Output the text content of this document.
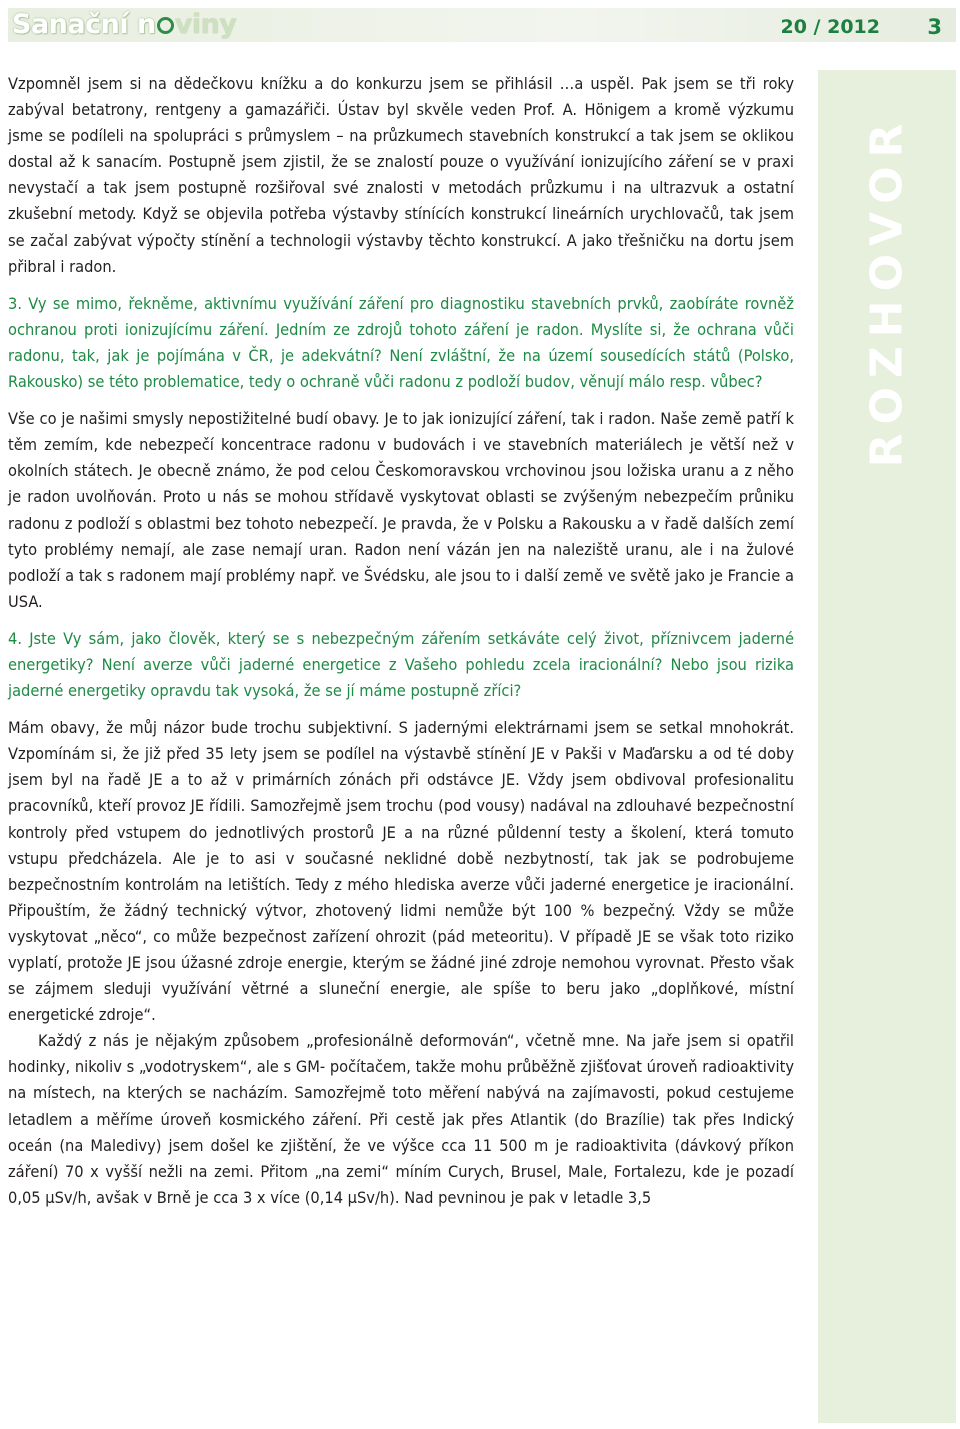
Sanační n viny	20 / 2012 3
ROZHOVOR

Vzpomněl jsem si na dědečkovu knížku a do konkurzu jsem se přihlásil …a uspěl. Pak jsem se tři roky zabýval betatrony, rentgeny a gamazářiči. Ústav byl skvěle veden Prof. A. Hönigem a kromě výzkumu jsme se podíleli na spolupráci s průmyslem – na průzkumech stavebních konstrukcí a tak jsem se oklikou dostal až k sanacím. Postupně jsem zjistil, že se znalostí pouze o využívání ionizujícího záření se v praxi nevystačí a tak jsem postupně rozšiřoval své znalosti v metodách průzkumu i na ultrazvuk a ostatní zkušební metody. Když se objevila potřeba výstavby stínících konstrukcí lineárních urychlovačů, tak jsem se začal zabývat výpočty stínění a technologii výstavby těchto konstrukcí. A jako třešničku na dortu jsem přibral i radon.

3. Vy se mimo, řekněme, aktivnímu využívání záření pro diagnostiku stavebních prvků, zaobíráte rovněž ochranou proti ionizujícímu záření. Jedním ze zdrojů tohoto záření je radon. Myslíte si, že ochrana vůči radonu, tak, jak je pojímána v ČR, je adekvátní? Není zvláštní, že na území sousedících států (Polsko, Rakousko) se této problematice, tedy o ochraně vůči radonu z podloží budov, věnují málo resp. vůbec?

Vše co je našimi smysly nepostižitelné budí obavy. Je to jak ionizující záření, tak i radon. Naše země patří k těm zemím, kde nebezpečí koncentrace radonu v budovách i ve stavebních materiálech je větší než v okolních státech. Je obecně známo, že pod celou Českomoravskou vrchovinou jsou ložiska uranu a z něho je radon uvolňován. Proto u nás se mohou střídavě vyskytovat oblasti se zvýšeným nebezpečím průniku radonu z podloží s oblastmi bez tohoto nebezpečí. Je pravda, že v Polsku a Rakousku a v řadě dalších zemí tyto problémy nemají, ale zase nemají uran. Radon není vázán jen na naleziště uranu, ale i na žulové podloží a tak s radonem mají problémy např. ve Švédsku, ale jsou to i další země ve světě jako je Francie a USA.

4. Jste Vy sám, jako člověk, který se s nebezpečným zářením setkáváte celý život, příznivcem jaderné energetiky? Není averze vůči jaderné energetice z Vašeho pohledu zcela iracionální? Nebo jsou rizika jaderné energetiky opravdu tak vysoká, že se jí máme postupně zříci?

Mám obavy, že můj názor bude trochu subjektivní. S jadernými elektrárnami jsem se setkal mnohokrát. Vzpomínám si, že již před 35 lety jsem se podílel na výstavbě stínění JE v Pakši v Maďarsku a od té doby jsem byl na řadě JE a to až v primárních zónách při odstávce JE. Vždy jsem obdivoval profesionalitu pracovníků, kteří provoz JE řídili. Samozřejmě jsem trochu (pod vousy) nadával na zdlouhavé bezpečnostní kontroly před vstupem do jednotlivých prostorů JE a na různé půldenní testy a školení, která tomuto vstupu předcházela. Ale je to asi v současné neklidné době nezbytností, tak jak se podrobujeme bezpečnostním kontrolám na letištích. Tedy z mého hlediska averze vůči jaderné energetice je iracionální. Připouštím, že žádný technický výtvor, zhotovený lidmi nemůže být 100 % bezpečný. Vždy se může vyskytovat „něco“, co může bezpečnost zařízení ohrozit (pád meteoritu). V případě JE se však toto riziko vyplatí, protože JE jsou úžasné zdroje energie, kterým se žádné jiné zdroje nemohou vyrovnat. Přesto však se zájmem sleduji využívání větrné a sluneční energie, ale spíše to beru jako „doplňkové, místní energetické zdroje“.

Každý z nás je nějakým způsobem „profesionálně deformován“, včetně mne. Na jaře jsem si opatřil hodinky, nikoliv s „vodotryskem“, ale s GM- počítačem, takže mohu průběžně zjišťovat úroveň radioaktivity na místech, na kterých se nacházím. Samozřejmě toto měření nabývá na zajímavosti, pokud cestujeme letadlem a měříme úroveň kosmického záření. Při cestě jak přes Atlantik (do Brazílie) tak přes Indický oceán (na Maledivy) jsem došel ke zjištění, že ve výšce cca 11 500 m je radioaktivita (dávkový příkon záření) 70 x vyšší nežli na zemi. Přitom „na zemi“ míním Curych, Brusel, Male, Fortalezu, kde je pozadí 0,05 µSv/h, avšak v Brně je cca 3 x více (0,14 µSv/h). Nad pevninou je pak v letadle 3,5
